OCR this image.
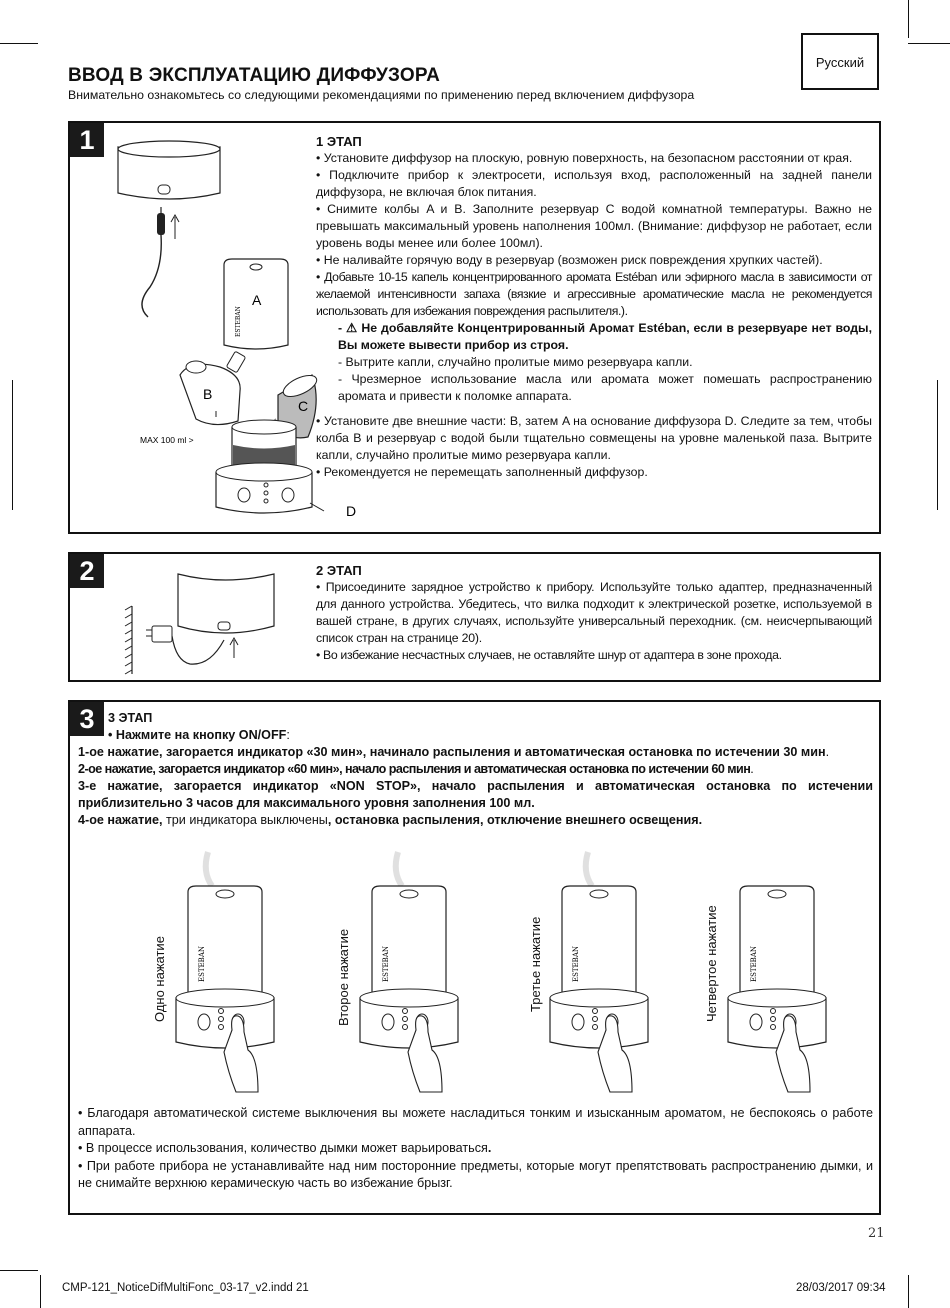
Русский
ВВОД В ЭКСПЛУАТАЦИЮ ДИФФУЗОРА
Внимательно ознакомьтесь со следующими рекомендациями по применению перед включением диффузора
1
A
ESTEBAN
B
C
MAX 100 ml >
D

1 ЭТАП

• Установите диффузор на плоскую, ровную поверхность, на безопасном расстоянии от края.

• Подключите прибор к электросети, используя вход, расположенный на задней панели диффузора, не включая блок питания.

• Снимите колбы A и B. Заполните резервуар C водой комнатной температуры. Важно не превышать максимальный уровень наполнения 100мл. (Внимание: диффузор не работает, если уровень воды менее или более 100мл).

• Не наливайте горячую воду в резервуар (возможен риск повреждения хрупких частей).

• Добавьте 10-15 капель концентрированного аромата Estéban или эфирного масла в зависимости от желаемой интенсивности запаха (вязкие и агрессивные ароматические масла не рекомендуется использовать для избежания повреждения распылителя.).

- ⚠ Не добавляйте Концентрированный Аромат Estéban, если в резервуаре нет воды, Вы можете вывести прибор из строя.

- Вытрите капли, случайно пролитые мимо резервуара капли.

- Чрезмерное использование масла или аромата может помешать распространению аромата и привести к поломке аппарата.

• Установите две внешние части: B, затем A на основание диффузора D. Следите за тем, чтобы колба B и резервуар с водой были тщательно совмещены на уровне маленькой паза. Вытрите капли, случайно пролитые мимо резервуара капли.

• Рекомендуется не перемещать заполненный диффузор.

2	2 ЭТАП

• Присоедините зарядное устройство к прибору. Используйте только адаптер, предназначенный для данного устройства. Убедитесь, что вилка подходит к электрической розетке, используемой в вашей стране, в других случаях, используйте универсальный переходник. (см. неисчерпывающий список стран на странице 20).

• Во избежание несчастных случаев, не оставляйте шнур от адаптера в зоне прохода.

3	3 ЭТАП

• Нажмите на кнопку ON/OFF:

1-ое нажатие, загорается индикатор «30 мин», начинало распыления и автоматическая остановка по истечении 30 мин.

2-ое нажатие, загорается индикатор «60 мин», начало распыления и автоматическая остановка по истечении 60 мин.

3-е нажатие, загорается индикатор «NON STOP», начало распыления и автоматическая остановка по истечении приблизительно 3 часов для максимального уровня заполнения 100 мл.

4-ое нажатие, три индикатора выключены, остановка распыления, отключение внешнего освещения.

Одно нажатие	Второе нажатие	Третье нажатие	Четвертое нажатие
ESTEBAN	ESTEBAN	ESTEBAN	ESTEBAN

• Благодаря автоматической системе выключения вы можете насладиться тонким и изысканным ароматом, не беспокоясь о работе аппарата.

• В процессе использования, количество дымки может варьироваться.

• При работе прибора не устанавливайте над ним посторонние предметы, которые могут препятствовать распространению дымки, и не снимайте верхнюю керамическую часть во избежание брызг.

21
CMP-121_NoticeDifMultiFonc_03-17_v2.indd 21	28/03/2017 09:34
